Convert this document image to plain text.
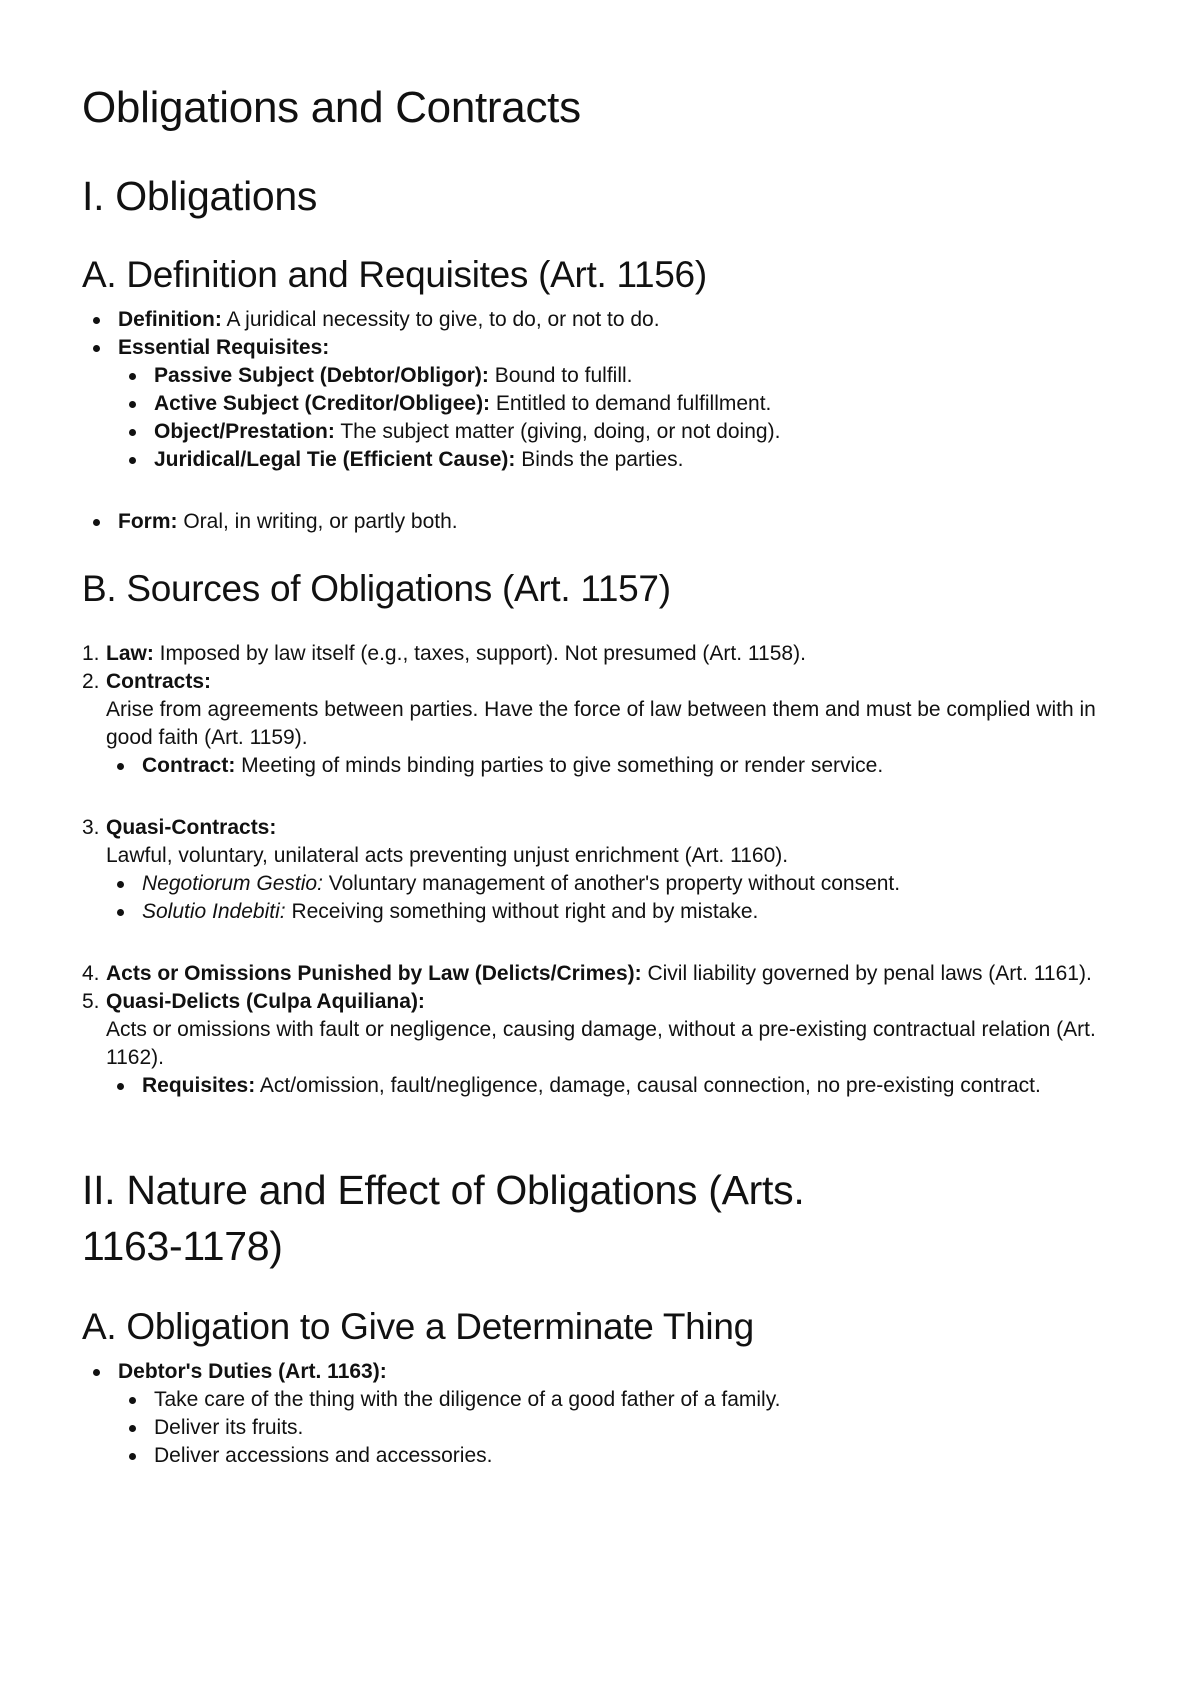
Obligations and Contracts
I. Obligations
A. Definition and Requisites (Art. 1156)
Definition: A juridical necessity to give, to do, or not to do.
Essential Requisites:
Passive Subject (Debtor/Obligor): Bound to fulfill.
Active Subject (Creditor/Obligee): Entitled to demand fulfillment.
Object/Prestation: The subject matter (giving, doing, or not doing).
Juridical/Legal Tie (Efficient Cause): Binds the parties.
Form: Oral, in writing, or partly both.
B. Sources of Obligations (Art. 1157)
1. Law: Imposed by law itself (e.g., taxes, support). Not presumed (Art. 1158).
2. Contracts:
Arise from agreements between parties. Have the force of law between them and must be complied with in good faith (Art. 1159).
Contract: Meeting of minds binding parties to give something or render service.
3. Quasi-Contracts:
Lawful, voluntary, unilateral acts preventing unjust enrichment (Art. 1160).
Negotiorum Gestio: Voluntary management of another's property without consent.
Solutio Indebiti: Receiving something without right and by mistake.
4. Acts or Omissions Punished by Law (Delicts/Crimes): Civil liability governed by penal laws (Art. 1161).
5. Quasi-Delicts (Culpa Aquiliana):
Acts or omissions with fault or negligence, causing damage, without a pre-existing contractual relation (Art. 1162).
Requisites: Act/omission, fault/negligence, damage, causal connection, no pre-existing contract.
II. Nature and Effect of Obligations (Arts. 1163-1178)
A. Obligation to Give a Determinate Thing
Debtor's Duties (Art. 1163):
Take care of the thing with the diligence of a good father of a family.
Deliver its fruits.
Deliver accessions and accessories.
